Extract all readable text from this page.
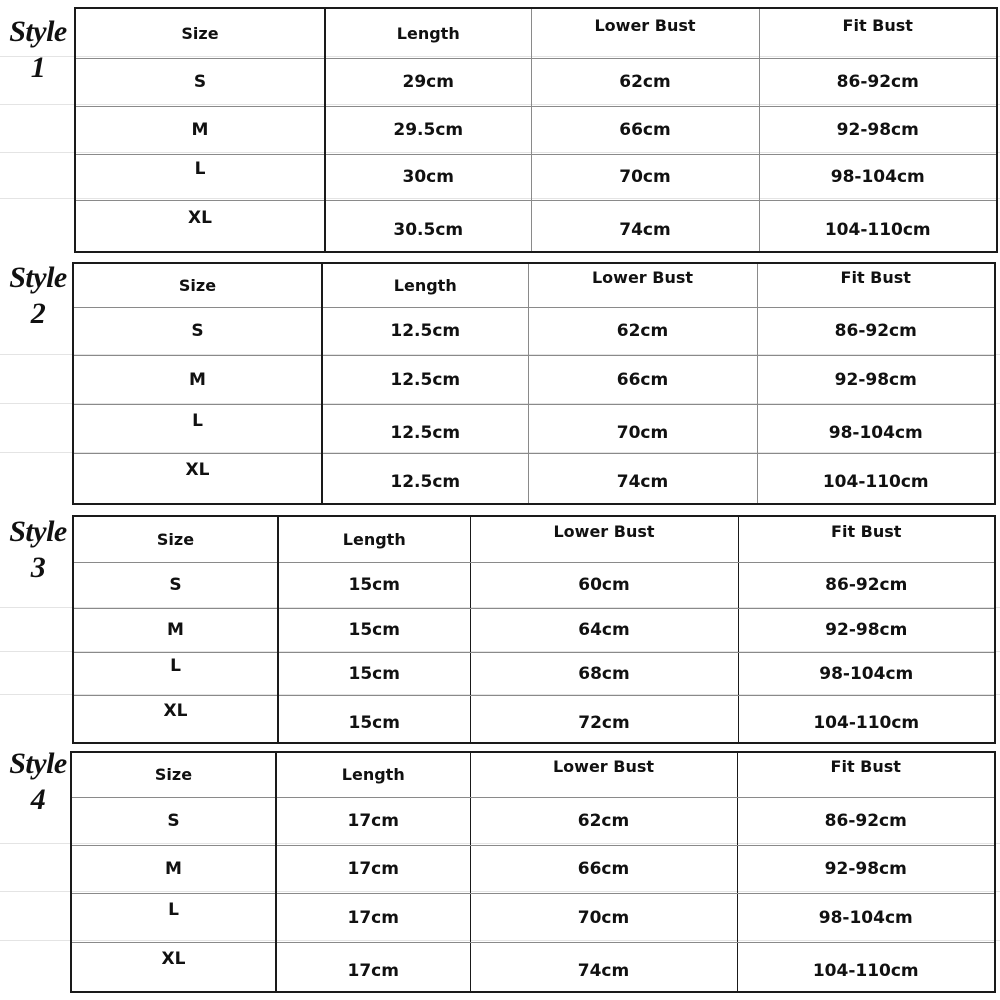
Style
1
Size	Length	Lower Bust	Fit Bust
S	29cm	62cm	86-92cm
M	29.5cm	66cm	92-98cm
L	30cm	70cm	98-104cm
XL	30.5cm	74cm	104-110cm
Style
2
Size	Length	Lower Bust	Fit Bust
S	12.5cm	62cm	86-92cm
M	12.5cm	66cm	92-98cm
L	12.5cm	70cm	98-104cm
XL	12.5cm	74cm	104-110cm
Style
3
Size	Length	Lower Bust	Fit Bust
S	15cm	60cm	86-92cm
M	15cm	64cm	92-98cm
L	15cm	68cm	98-104cm
XL	15cm	72cm	104-110cm
Style
4
Size	Length	Lower Bust	Fit Bust
S	17cm	62cm	86-92cm
M	17cm	66cm	92-98cm
L	17cm	70cm	98-104cm
XL	17cm	74cm	104-110cm
